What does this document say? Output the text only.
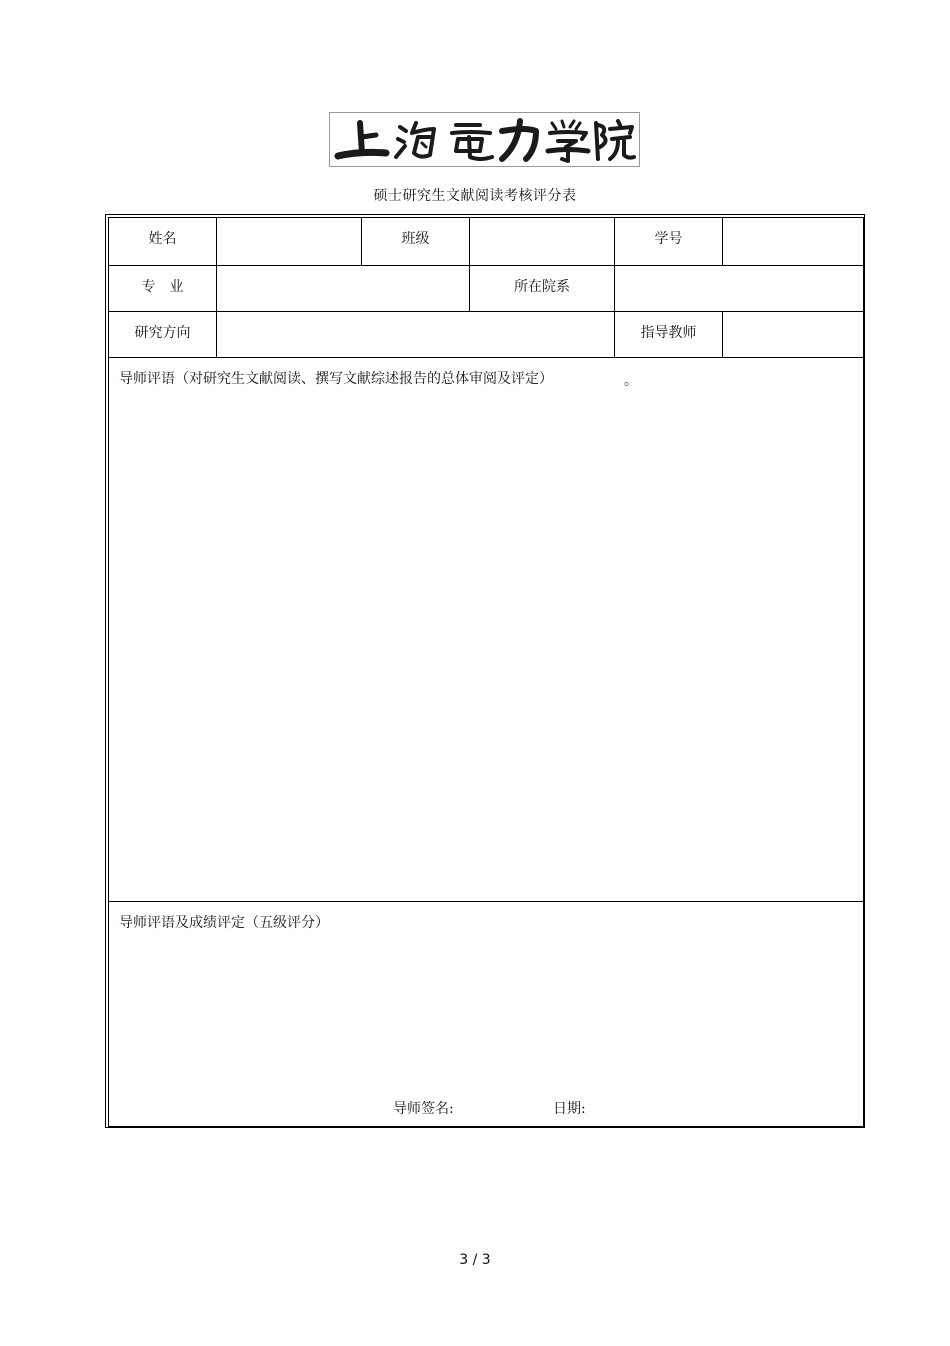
硕士研究生文献阅读考核评分表
姓名	班级	学号
专　业	所在院系
研究方向	指导教师
导师评语（对研究生文献阅读、撰写文献综述报告的总体审阅及评定）	。
导师评语及成绩评定（五级评分）
导师签名:	日期:
3 / 3
